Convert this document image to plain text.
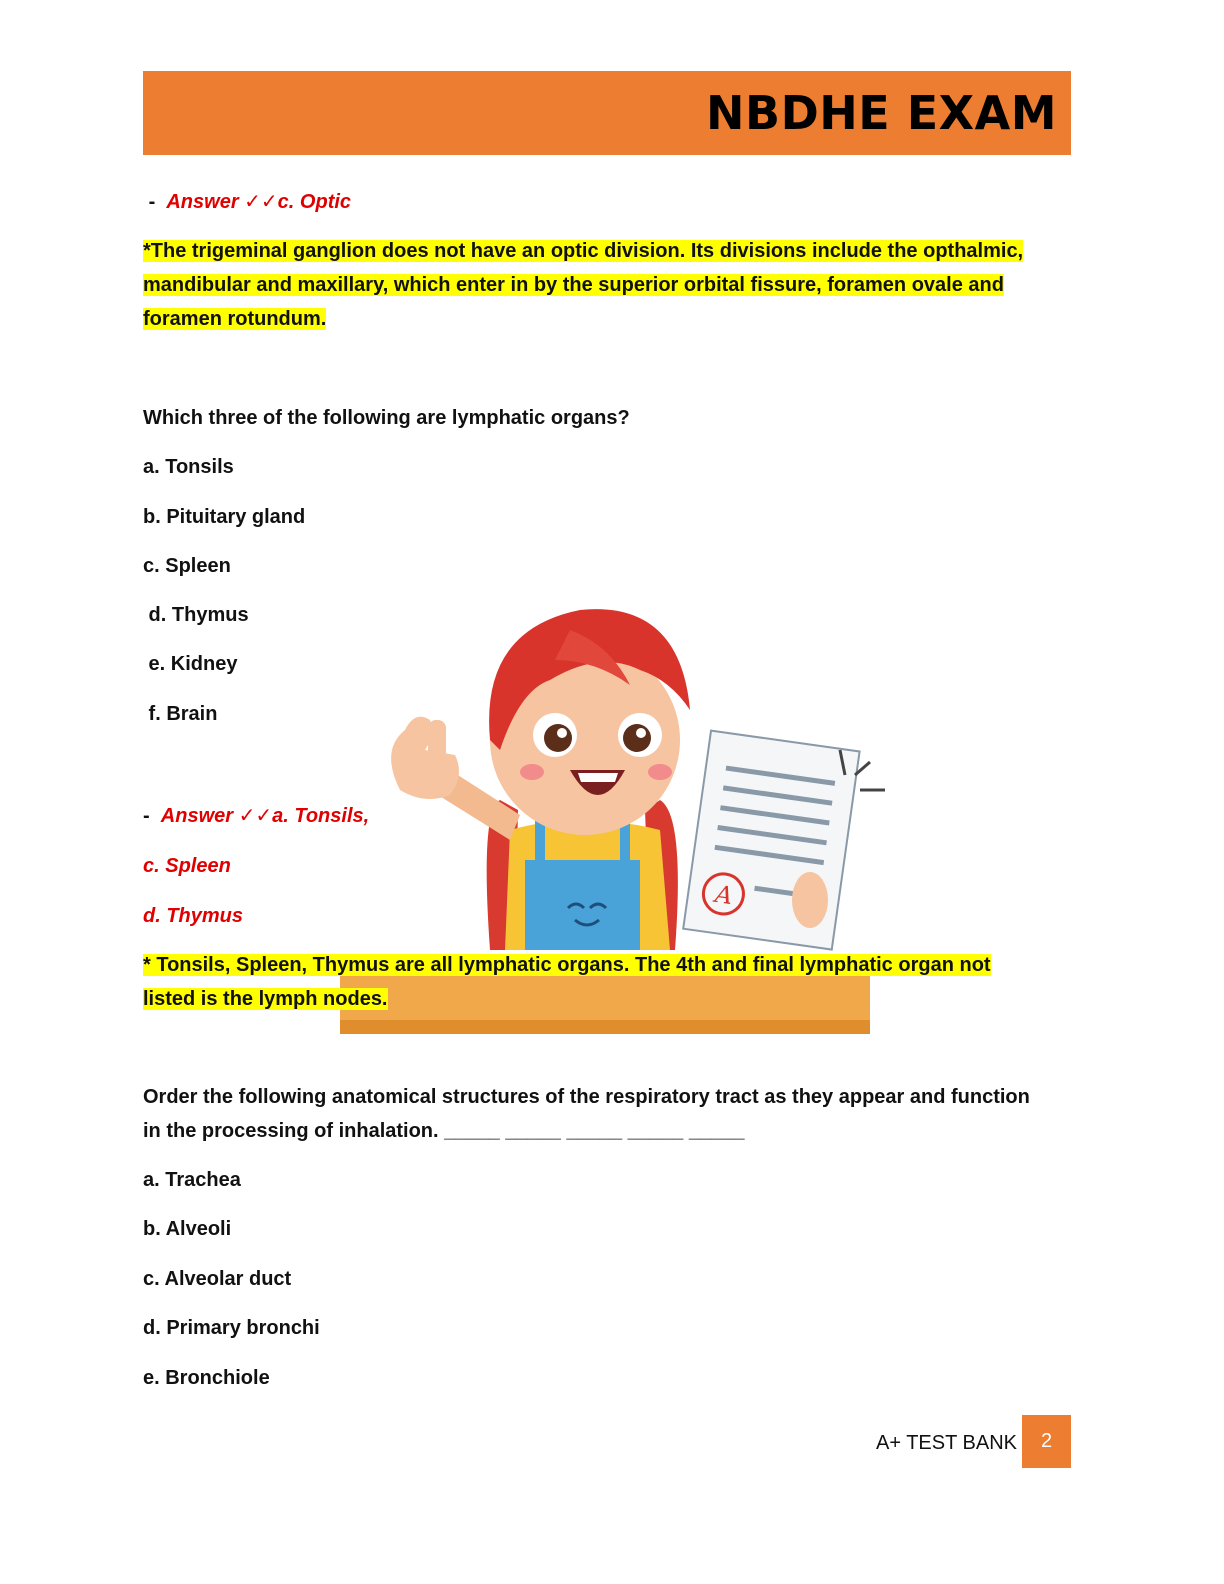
NBDHE EXAM
- Answer ✓✓c. Optic
*The trigeminal ganglion does not have an optic division. Its divisions include the opthalmic,
mandibular and maxillary, which enter in by the superior orbital fissure, foramen ovale and
foramen rotundum.
A
Which three of the following are lymphatic organs?
a. Tonsils
b. Pituitary gland
c. Spleen
d. Thymus
e. Kidney
f. Brain
- Answer ✓✓a. Tonsils,
c. Spleen
d. Thymus
* Tonsils, Spleen, Thymus are all lymphatic organs. The 4th and final lymphatic organ not
listed is the lymph nodes.
Order the following anatomical structures of the respiratory tract as they appear and function
in the processing of inhalation. _____ _____ _____ _____ _____
a. Trachea
b. Alveoli
c. Alveolar duct
d. Primary bronchi
e. Bronchiole
A+ TEST BANK	2
